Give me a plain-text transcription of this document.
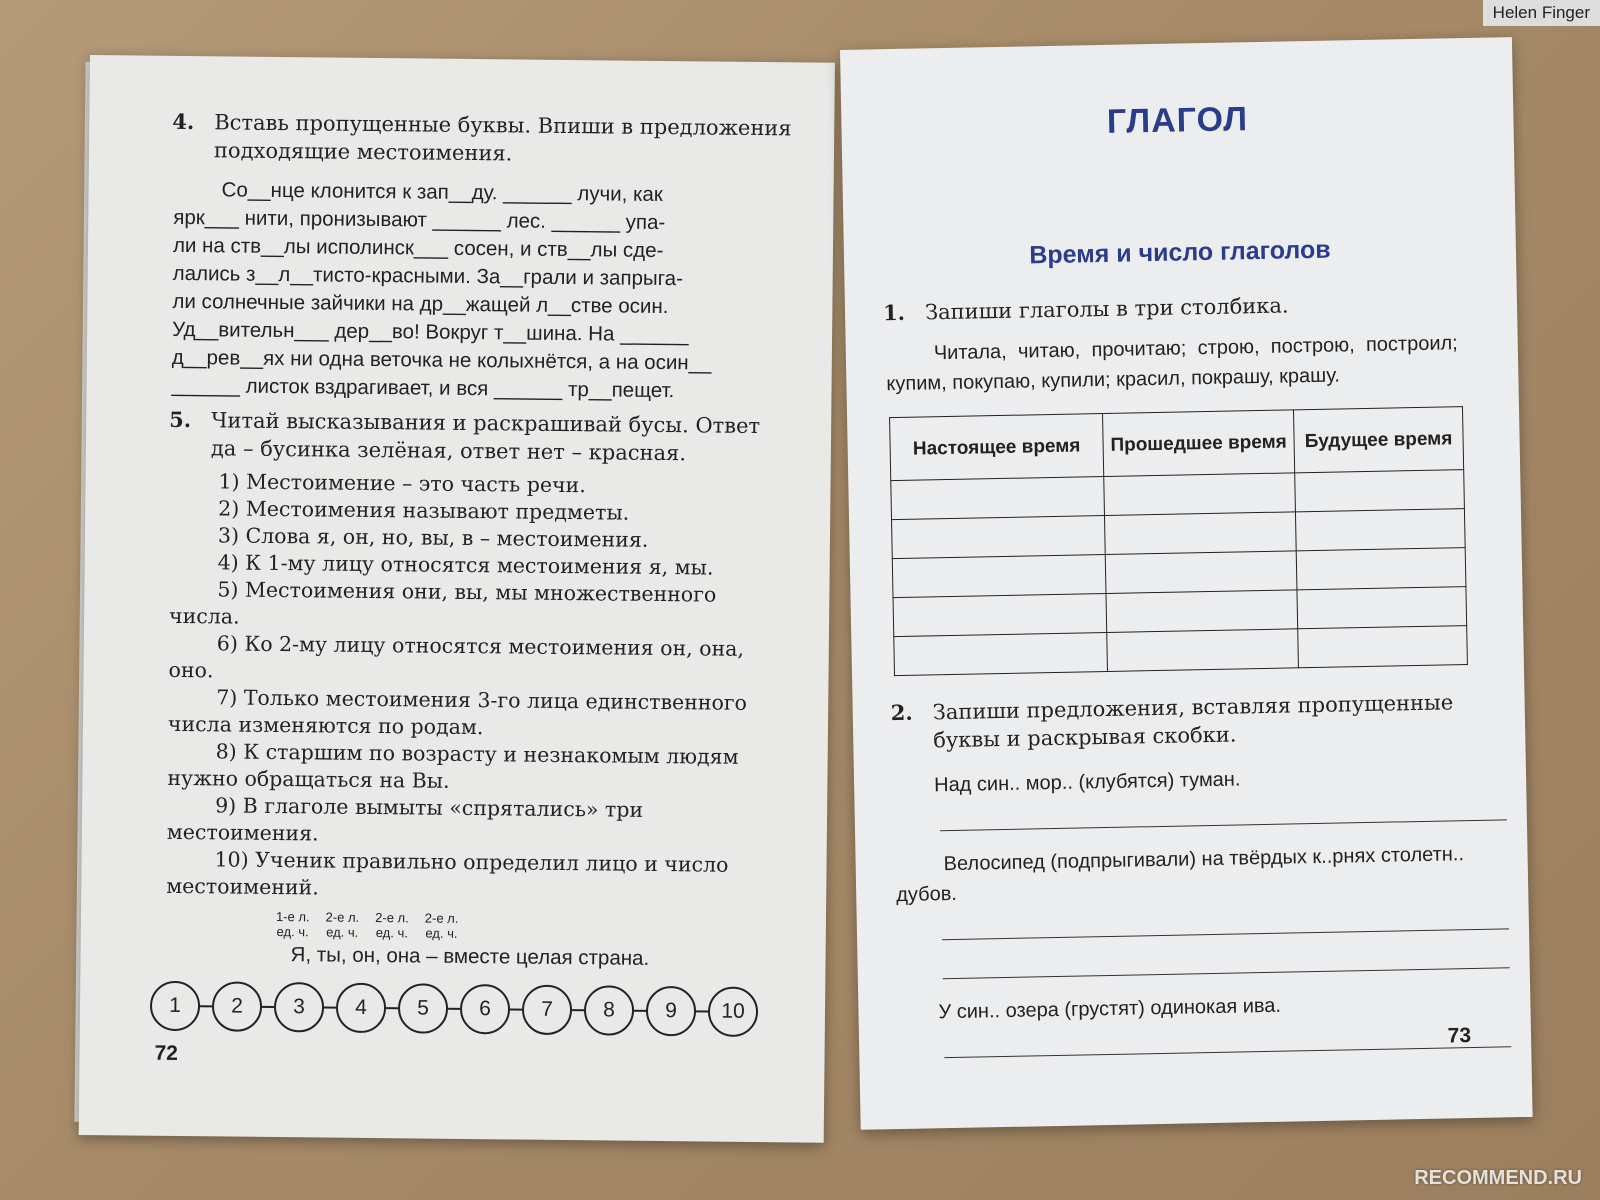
4. Вставь пропущенные буквы. Впиши в предложения подходящие местоимения.
Со__нце клонится к зап__ду. ______ лучи, как
ярк___ нити, пронизывают ______ лес. ______ упа-
ли на ств__лы исполинск___ сосен, и ств__лы сде-
лались з__л__тисто-красными. За__грали и запрыга-
ли солнечные зайчики на др__жащей л__стве осин.
Уд__вительн___ дер__во! Вокруг т__шина. На ______
д__рев__ях ни одна веточка не колыхнётся, а на осин__
______ листок вздрагивает, и вся ______ тр__пещет.
5. Читай высказывания и раскрашивай бусы. Ответ да – бусинка зелёная, ответ нет – красная.
1) Местоимение – это часть речи.
2) Местоимения называют предметы.
3) Слова я, он, но, вы, в – местоимения.
4) К 1-му лицу относятся местоимения я, мы.
5) Местоимения они, вы, мы множественного числа.
6) Ко 2-му лицу относятся местоимения он, она, оно.
7) Только местоимения 3-го лица единственного числа изменяются по родам.
8) К старшим по возрасту и незнакомым людям нужно обращаться на Вы.
9) В глаголе вымыты «спрятались» три местоимения.
10) Ученик правильно определил лицо и число местоимений.
1-е л.
ед. ч.
2-е л.
ед. ч.
2-е л.
ед. ч.
2-е л.
ед. ч.
Я, ты, он, она – вместе целая страна.
1	2	3	4	5	6	7	8	9	10
72
ГЛАГОЛ
Время и число глаголов
1. Запиши глаголы в три столбика.
Читала, читаю, прочитаю; строю, построю, построил; купим, покупаю, купили; красил, покрашу, крашу.
Настоящее время	Прошедшее время	Будущее время

2. Запиши предложения, вставляя пропущенные буквы и раскрывая скобки.
Над син.. мор.. (клубятся) туман.
Велосипед (подпрыгивали) на твёрдых к..рнях столетн.. дубов.
У син.. озера (грустят) одинокая ива.
73
Helen Finger
RECOMMEND.RU
